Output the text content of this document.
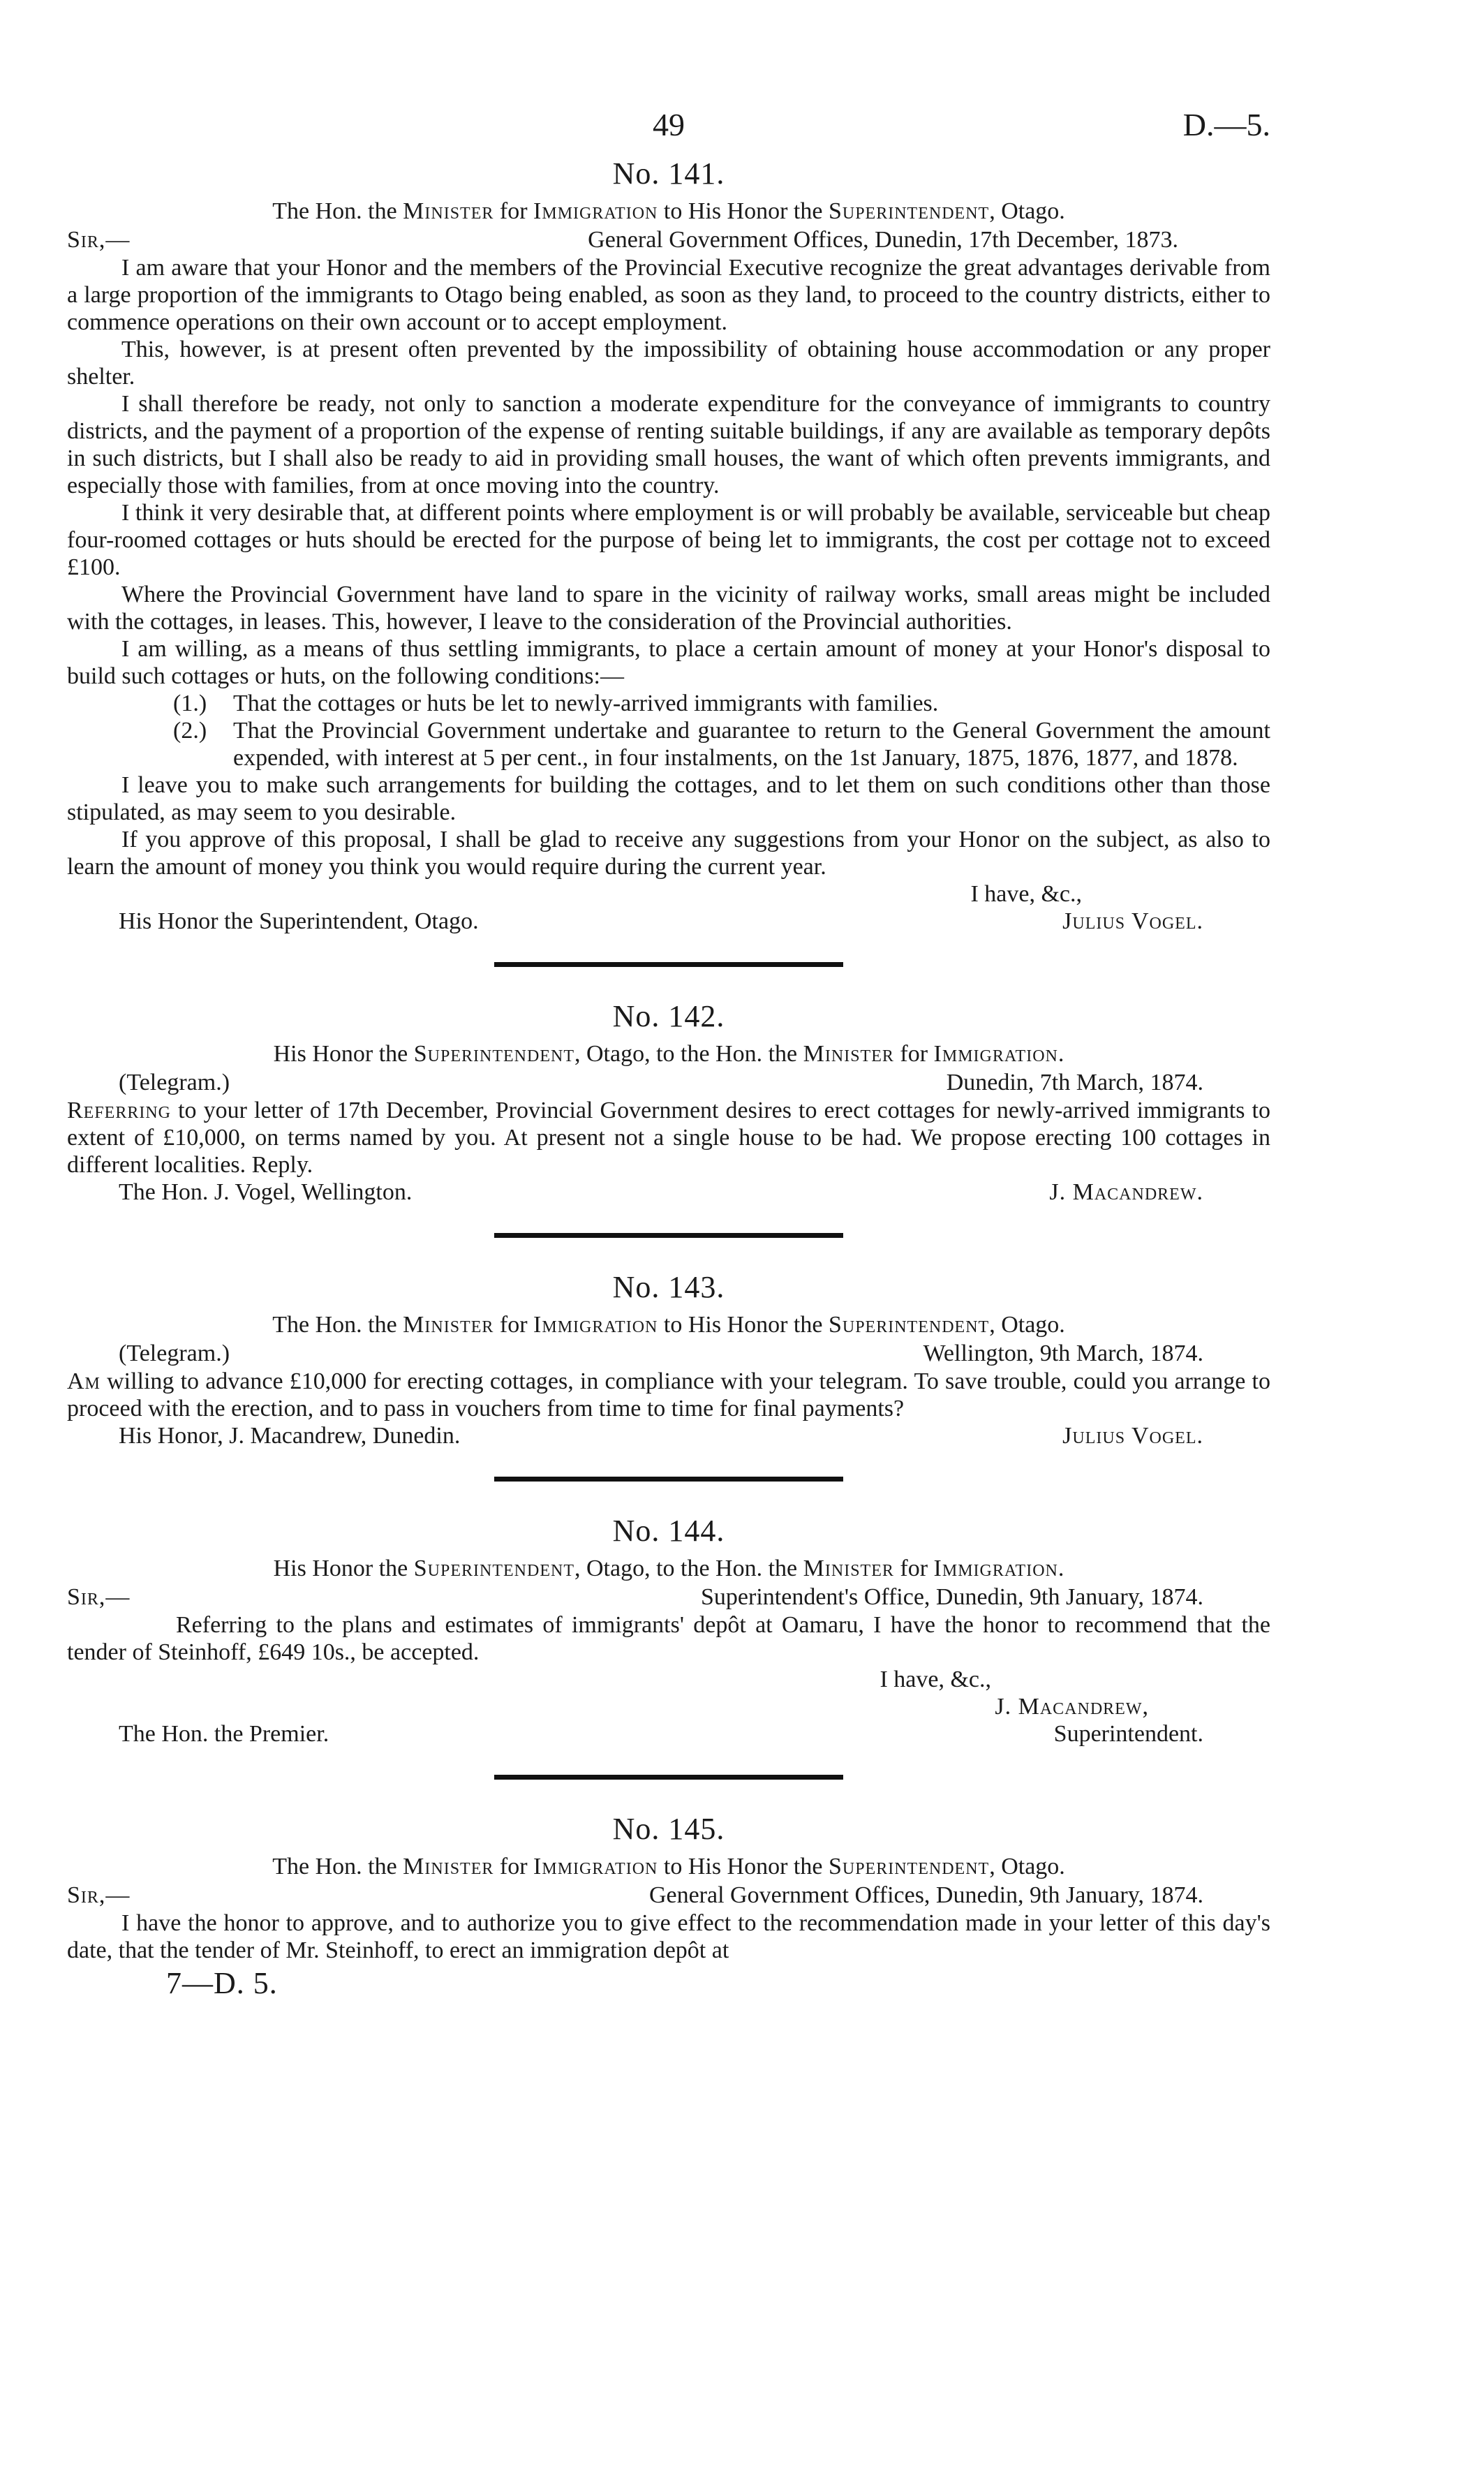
49	D.—5.
No. 141.

The Hon. the Minister for Immigration to His Honor the Superintendent, Otago.

Sir,—	General Government Offices, Dunedin, 17th December, 1873.

I am aware that your Honor and the members of the Provincial Executive recognize the great advantages derivable from a large proportion of the immigrants to Otago being enabled, as soon as they land, to proceed to the country districts, either to commence operations on their own account or to accept employment.

This, however, is at present often prevented by the impossibility of obtaining house accommodation or any proper shelter.

I shall therefore be ready, not only to sanction a moderate expenditure for the conveyance of immigrants to country districts, and the payment of a proportion of the expense of renting suitable buildings, if any are available as temporary depôts in such districts, but I shall also be ready to aid in providing small houses, the want of which often prevents immigrants, and especially those with families, from at once moving into the country.

I think it very desirable that, at different points where employment is or will probably be available, serviceable but cheap four-roomed cottages or huts should be erected for the purpose of being let to immigrants, the cost per cottage not to exceed £100.

Where the Provincial Government have land to spare in the vicinity of railway works, small areas might be included with the cottages, in leases. This, however, I leave to the consideration of the Provincial authorities.

I am willing, as a means of thus settling immigrants, to place a certain amount of money at your Honor's disposal to build such cottages or huts, on the following conditions:—

(1.)	That the cottages or huts be let to newly-arrived immigrants with families.
(2.)	That the Provincial Government undertake and guarantee to return to the General Government the amount expended, with interest at 5 per cent., in four instalments, on the 1st January, 1875, 1876, 1877, and 1878.

I leave you to make such arrangements for building the cottages, and to let them on such conditions other than those stipulated, as may seem to you desirable.

If you approve of this proposal, I shall be glad to receive any suggestions from your Honor on the subject, as also to learn the amount of money you think you would require during the current year.

I have, &c.,
His Honor the Superintendent, Otago.	Julius Vogel.
No. 142.

His Honor the Superintendent, Otago, to the Hon. the Minister for Immigration.

(Telegram.)	Dunedin, 7th March, 1874.

Referring to your letter of 17th December, Provincial Government desires to erect cottages for newly-arrived immigrants to extent of £10,000, on terms named by you. At present not a single house to be had. We propose erecting 100 cottages in different localities. Reply.

The Hon. J. Vogel, Wellington.	J. Macandrew.
No. 143.

The Hon. the Minister for Immigration to His Honor the Superintendent, Otago.

(Telegram.)	Wellington, 9th March, 1874.

Am willing to advance £10,000 for erecting cottages, in compliance with your telegram. To save trouble, could you arrange to proceed with the erection, and to pass in vouchers from time to time for final payments?

His Honor, J. Macandrew, Dunedin.	Julius Vogel.
No. 144.

His Honor the Superintendent, Otago, to the Hon. the Minister for Immigration.

Sir,—	Superintendent's Office, Dunedin, 9th January, 1874.

Referring to the plans and estimates of immigrants' depôt at Oamaru, I have the honor to recommend that the tender of Steinhoff, £649 10s., be accepted.

I have, &c.,
J. Macandrew,
The Hon. the Premier.	Superintendent.
No. 145.

The Hon. the Minister for Immigration to His Honor the Superintendent, Otago.

Sir,—	General Government Offices, Dunedin, 9th January, 1874.

I have the honor to approve, and to authorize you to give effect to the recommendation made in your letter of this day's date, that the tender of Mr. Steinhoff, to erect an immigration depôt at

7—D. 5.
